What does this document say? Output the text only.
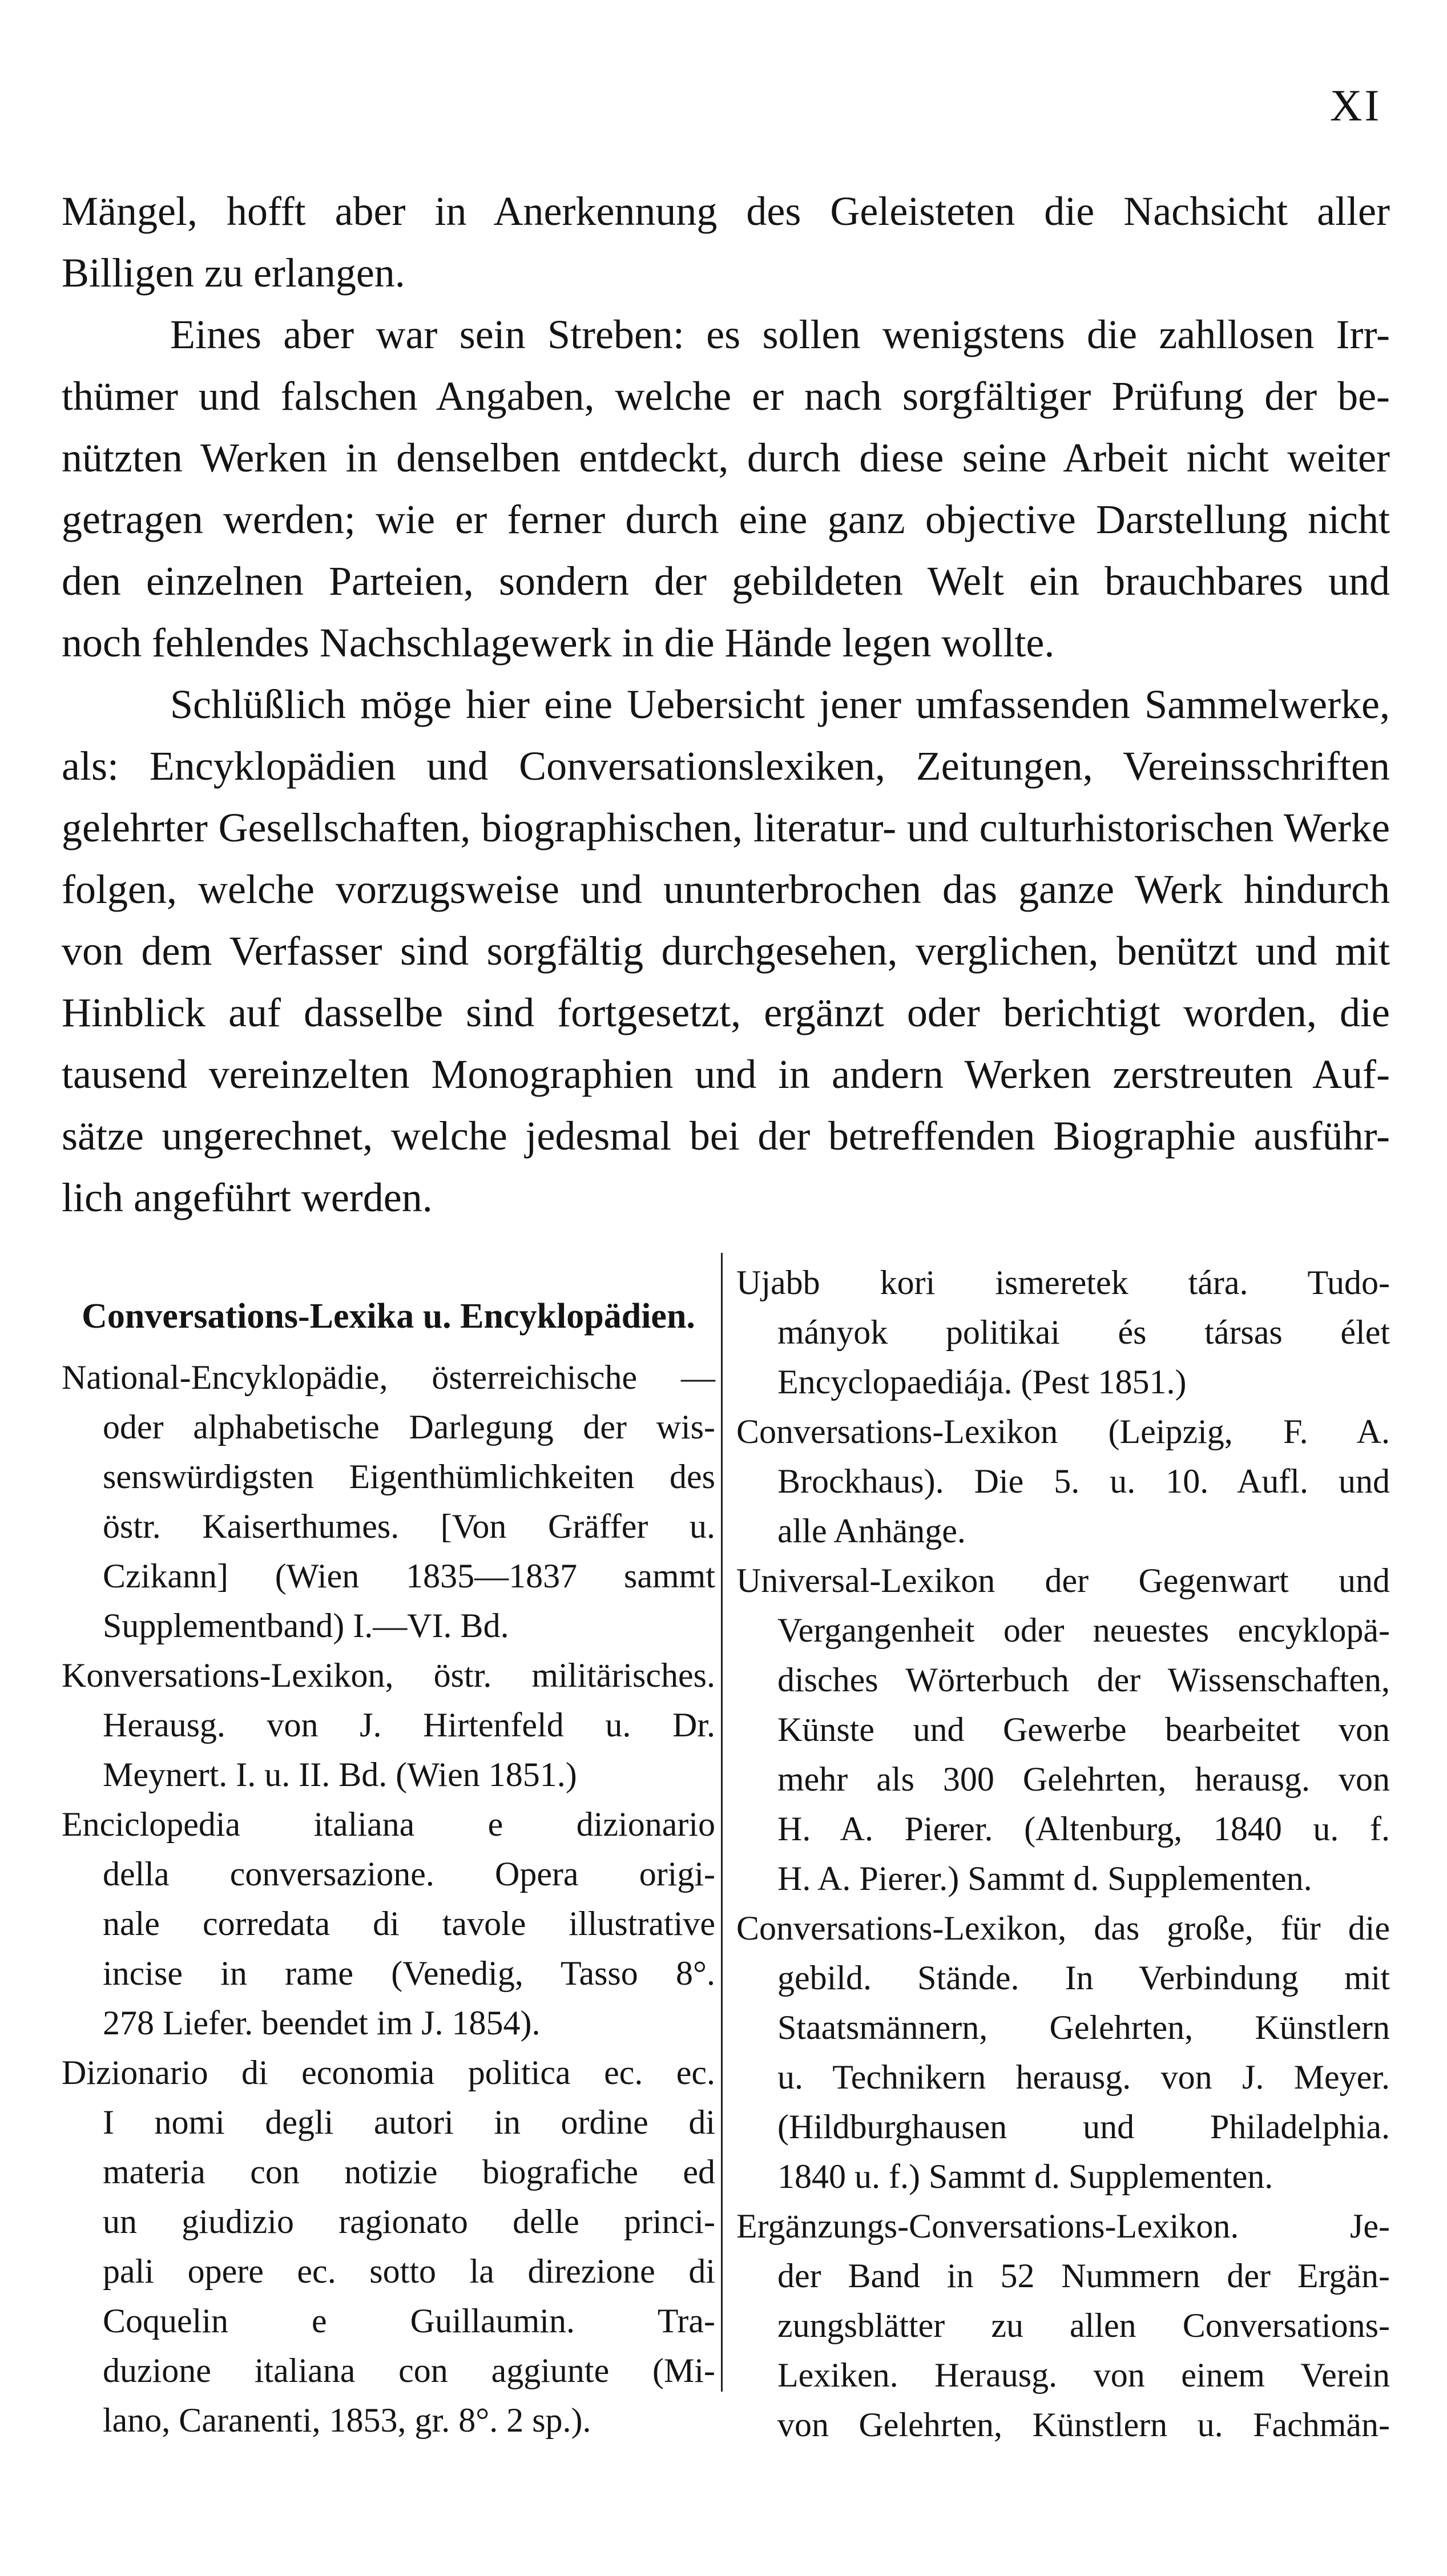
XI
Mängel, hofft aber in Anerkennung des Geleisteten die Nachsicht aller
Billigen zu erlangen.
Eines aber war sein Streben: es sollen wenigstens die zahllosen Irr-
thümer und falschen Angaben, welche er nach sorgfältiger Prüfung der be-
nützten Werken in denselben entdeckt, durch diese seine Arbeit nicht weiter
getragen werden; wie er ferner durch eine ganz objective Darstellung nicht
den einzelnen Parteien, sondern der gebildeten Welt ein brauchbares und
noch fehlendes Nachschlagewerk in die Hände legen wollte.
Schlüßlich möge hier eine Uebersicht jener umfassenden Sammelwerke,
als: Encyklopädien und Conversationslexiken, Zeitungen, Vereinsschriften
gelehrter Gesellschaften, biographischen, literatur- und culturhistorischen Werke
folgen, welche vorzugsweise und ununterbrochen das ganze Werk hindurch
von dem Verfasser sind sorgfältig durchgesehen, verglichen, benützt und mit
Hinblick auf dasselbe sind fortgesetzt, ergänzt oder berichtigt worden, die
tausend vereinzelten Monographien und in andern Werken zerstreuten Auf-
sätze ungerechnet, welche jedesmal bei der betreffenden Biographie ausführ-
lich angeführt werden.
Conversations-Lexika u. Encyklopädien.
National-Encyklopädie, österreichische —
oder alphabetische Darlegung der wis-
senswürdigsten Eigenthümlichkeiten des
östr. Kaiserthumes. [Von Gräffer u.
Czikann] (Wien 1835—1837 sammt
Supplementband) I.—VI. Bd.
Konversations-Lexikon, östr. militärisches.
Herausg. von J. Hirtenfeld u. Dr.
Meynert. I. u. II. Bd. (Wien 1851.)
Enciclopedia italiana e dizionario
della conversazione. Opera origi-
nale corredata di tavole illustrative
incise in rame (Venedig, Tasso 8°.
278 Liefer. beendet im J. 1854).
Dizionario di economia politica ec. ec.
I nomi degli autori in ordine di
materia con notizie biografiche ed
un giudizio ragionato delle princi-
pali opere ec. sotto la direzione di
Coquelin e Guillaumin. Tra-
duzione italiana con aggiunte (Mi-
lano, Caranenti, 1853, gr. 8°. 2 sp.).
Ujabb kori ismeretek tára. Tudo-
mányok politikai és társas élet
Encyclopaediája. (Pest 1851.)
Conversations-Lexikon (Leipzig, F. A.
Brockhaus). Die 5. u. 10. Aufl. und
alle Anhänge.
Universal-Lexikon der Gegenwart und
Vergangenheit oder neuestes encyklopä-
disches Wörterbuch der Wissenschaften,
Künste und Gewerbe bearbeitet von
mehr als 300 Gelehrten, herausg. von
H. A. Pierer. (Altenburg, 1840 u. f.
H. A. Pierer.) Sammt d. Supplementen.
Conversations-Lexikon, das große, für die
gebild. Stände. In Verbindung mit
Staatsmännern, Gelehrten, Künstlern
u. Technikern herausg. von J. Meyer.
(Hildburghausen und Philadelphia.
1840 u. f.) Sammt d. Supplementen.
Ergänzungs-Conversations-Lexikon. Je-
der Band in 52 Nummern der Ergän-
zungsblätter zu allen Conversations-
Lexiken. Herausg. von einem Verein
von Gelehrten, Künstlern u. Fachmän-
